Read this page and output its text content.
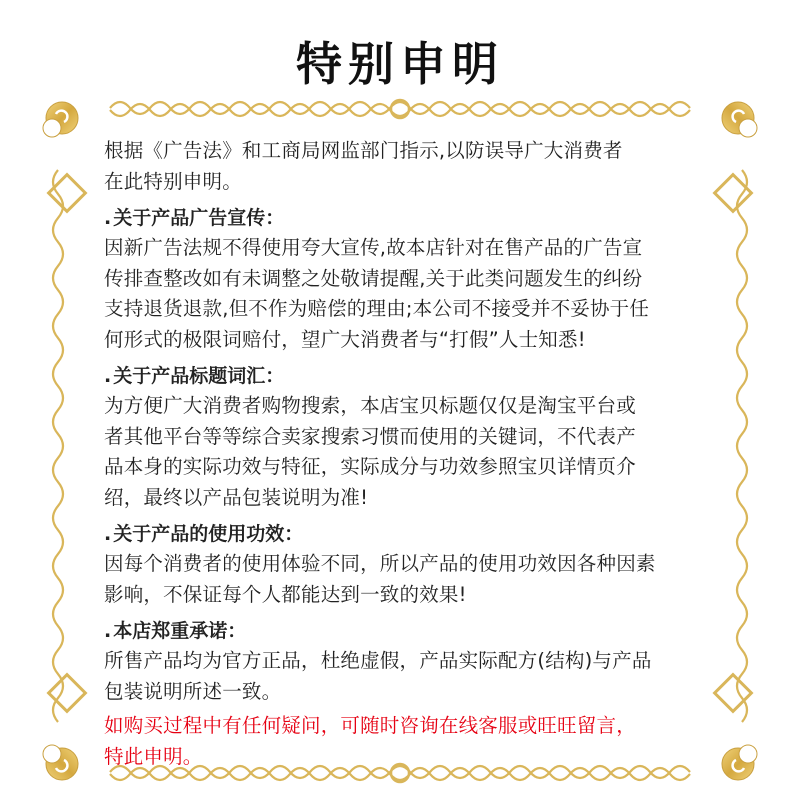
特别申明
根据《广告法》和工商局网监部门指示,以防误导广大消费者
在此特别申明。
. 关于产品广告宣传：
因新广告法规不得使用夸大宣传,故本店针对在售产品的广告宣
传排查整改如有未调整之处敬请提醒,关于此类问题发生的纠纷
支持退货退款,但不作为赔偿的理由;本公司不接受并不妥协于任
何形式的极限词赔付，望广大消费者与“打假”人士知悉!
. 关于产品标题词汇：
为方便广大消费者购物搜索，本店宝贝标题仅仅是淘宝平台或
者其他平台等等综合卖家搜索习惯而使用的关键词，不代表产
品本身的实际功效与特征，实际成分与功效参照宝贝详情页介
绍，最终以产品包装说明为准!
. 关于产品的使用功效：
因每个消费者的使用体验不同，所以产品的使用功效因各种因素
影响，不保证每个人都能达到一致的效果!
. 本店郑重承诺：
所售产品均为官方正品，杜绝虚假，产品实际配方(结构)与产品
包装说明所述一致。
如购买过程中有任何疑问，可随时咨询在线客服或旺旺留言，
特此申明。
